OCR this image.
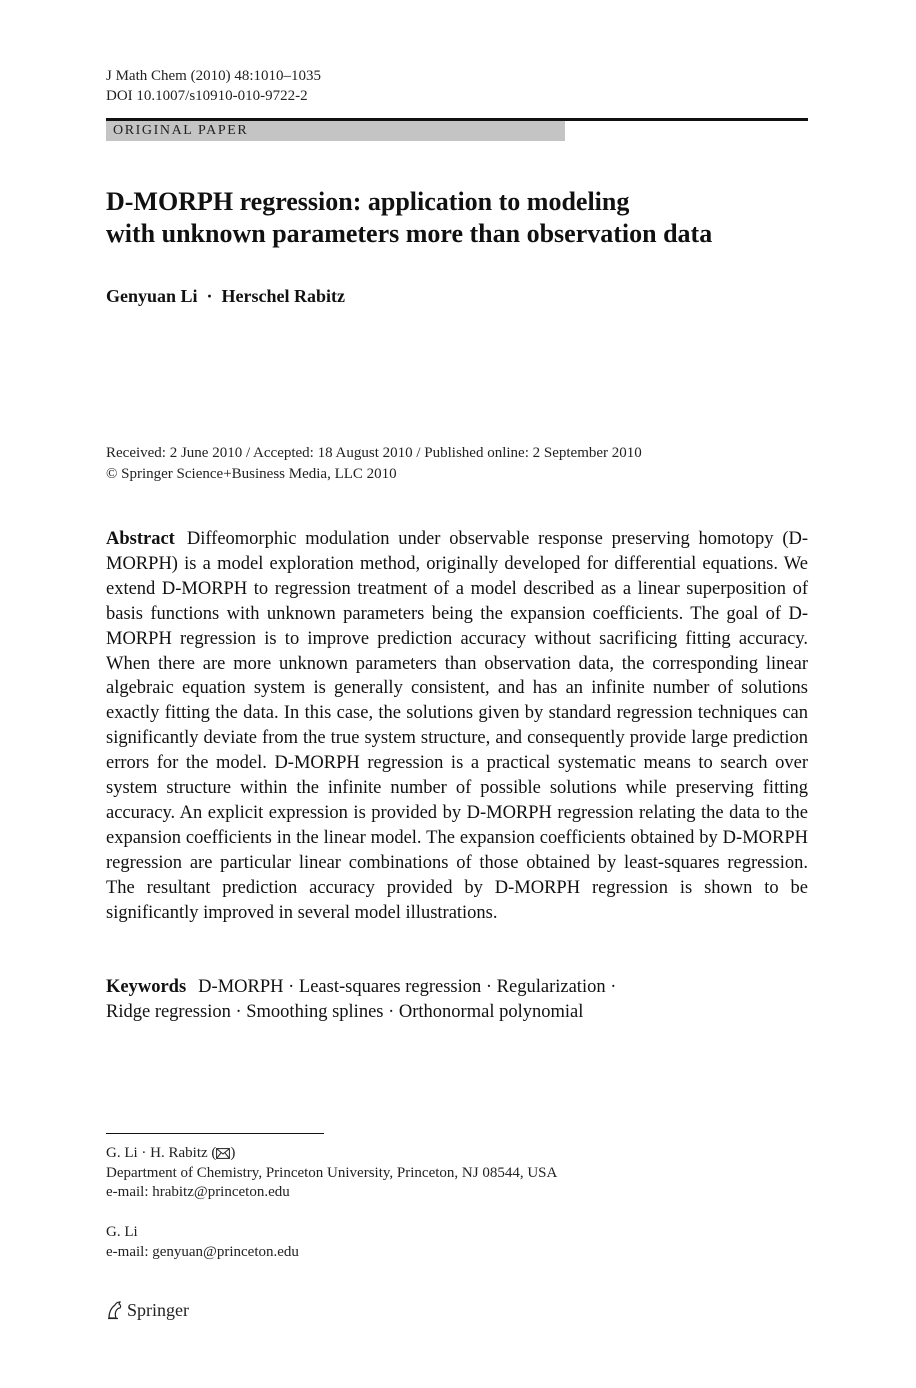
J Math Chem (2010) 48:1010–1035
DOI 10.1007/s10910-010-9722-2
ORIGINAL PAPER
D-MORPH regression: application to modeling
with unknown parameters more than observation data
Genyuan Li · Herschel Rabitz
Received: 2 June 2010 / Accepted: 18 August 2010 / Published online: 2 September 2010
© Springer Science+Business Media, LLC 2010

Abstract Diffeomorphic modulation under observable response preserving homotopy (D-MORPH) is a model exploration method, originally developed for differential equations. We extend D-MORPH to regression treatment of a model described as a linear superposition of basis functions with unknown parameters being the expansion coefficients. The goal of D-MORPH regression is to improve prediction accuracy without sacrificing fitting accuracy. When there are more unknown parameters than observation data, the corresponding linear algebraic equation system is generally consistent, and has an infinite number of solutions exactly fitting the data. In this case, the solutions given by standard regression techniques can significantly deviate from the true system structure, and consequently provide large prediction errors for the model. D-MORPH regression is a practical systematic means to search over system structure within the infinite number of possible solutions while preserving fitting accuracy. An explicit expression is provided by D-MORPH regression relating the data to the expansion coefficients in the linear model. The expansion coefficients obtained by D-MORPH regression are particular linear combinations of those obtained by least-squares regression. The resultant prediction accuracy provided by D-MORPH regression is shown to be significantly improved in several model illustrations.

Keywords D-MORPH · Least-squares regression · Regularization ·
Ridge regression · Smoothing splines · Orthonormal polynomial
G. Li · H. Rabitz ( )
Department of Chemistry, Princeton University, Princeton, NJ 08544, USA
e-mail: hrabitz@princeton.edu
G. Li
e-mail: genyuan@princeton.edu
Springer
